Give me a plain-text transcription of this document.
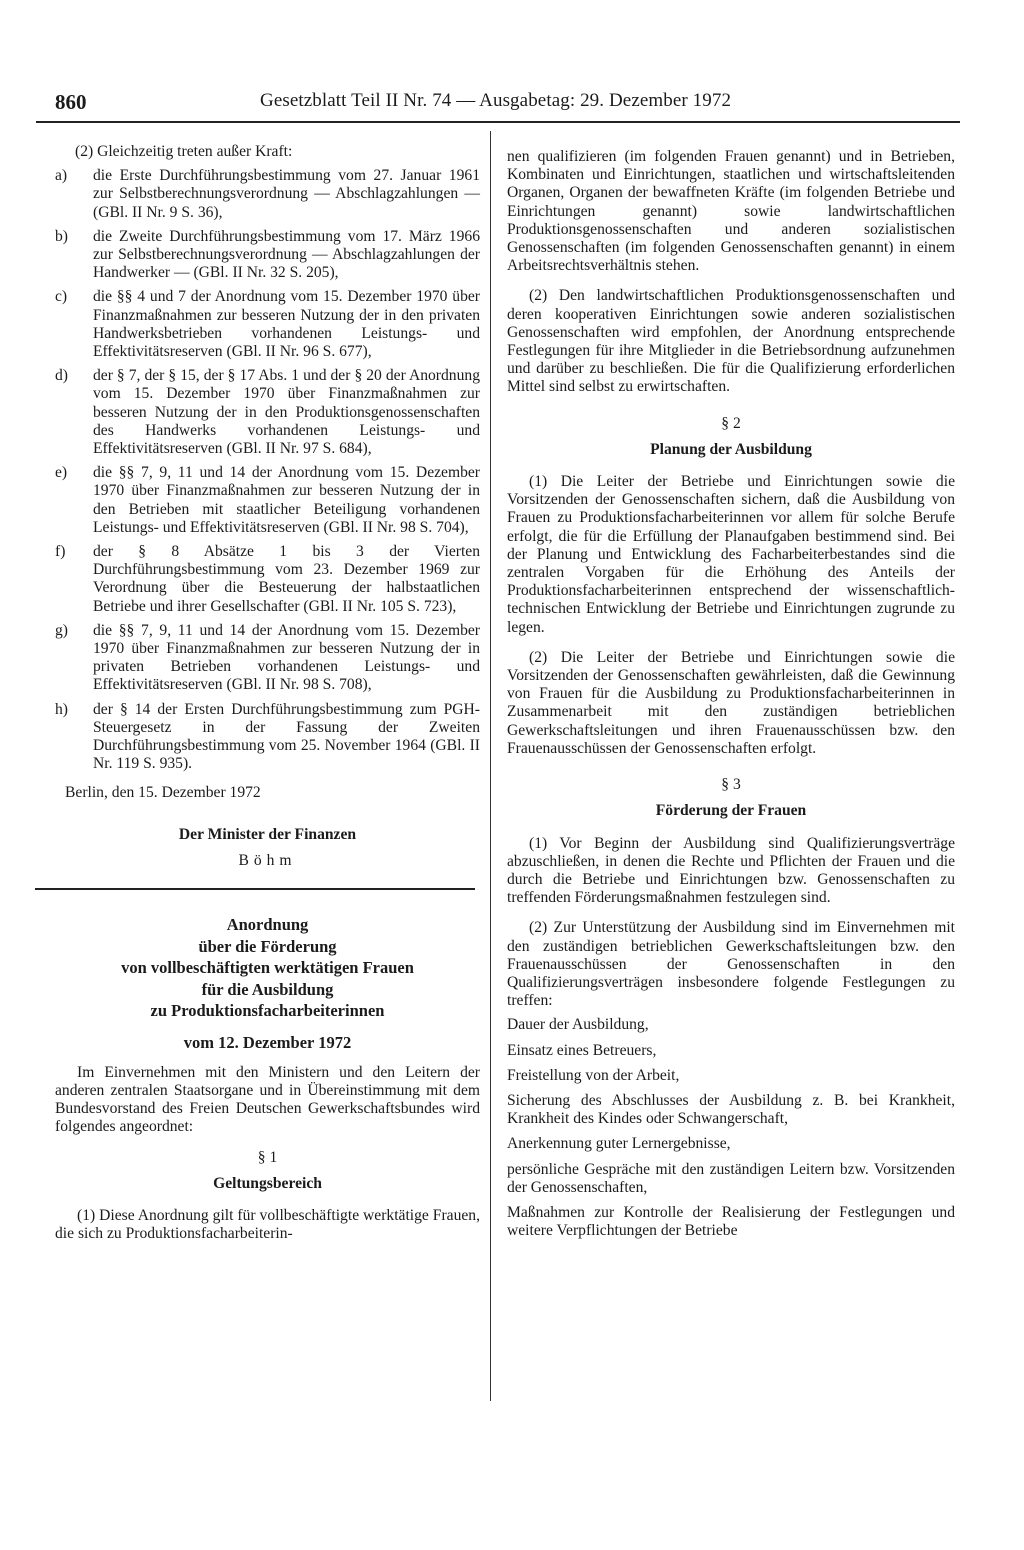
860	Gesetzblatt Teil II Nr. 74 — Ausgabetag: 29. Dezember 1972

(2) Gleichzeitig treten außer Kraft:

a)	die Erste Durchführungsbestimmung vom 27. Januar 1961 zur Selbstberechnungsverordnung — Abschlagzahlungen — (GBl. II Nr. 9 S. 36),
b)	die Zweite Durchführungsbestimmung vom 17. März 1966 zur Selbstberechnungsverordnung — Abschlagzahlungen der Handwerker — (GBl. II Nr. 32 S. 205),
c)	die §§ 4 und 7 der Anordnung vom 15. Dezember 1970 über Finanzmaßnahmen zur besseren Nutzung der in den privaten Handwerksbetrieben vorhandenen Leistungs- und Effektivitätsreserven (GBl. II Nr. 96 S. 677),
d)	der § 7, der § 15, der § 17 Abs. 1 und der § 20 der Anordnung vom 15. Dezember 1970 über Finanzmaßnahmen zur besseren Nutzung der in den Produktionsgenossenschaften des Handwerks vorhandenen Leistungs- und Effektivitätsreserven (GBl. II Nr. 97 S. 684),
e)	die §§ 7, 9, 11 und 14 der Anordnung vom 15. Dezember 1970 über Finanzmaßnahmen zur besseren Nutzung der in den Betrieben mit staatlicher Beteiligung vorhandenen Leistungs- und Effektivitätsreserven (GBl. II Nr. 98 S. 704),
f)	der § 8 Absätze 1 bis 3 der Vierten Durchführungsbestimmung vom 23. Dezember 1969 zur Verordnung über die Besteuerung der halbstaatlichen Betriebe und ihrer Gesellschafter (GBl. II Nr. 105 S. 723),
g)	die §§ 7, 9, 11 und 14 der Anordnung vom 15. Dezember 1970 über Finanzmaßnahmen zur besseren Nutzung der in privaten Betrieben vorhandenen Leistungs- und Effektivitätsreserven (GBl. II Nr. 98 S. 708),
h)	der § 14 der Ersten Durchführungsbestimmung zum PGH-Steuergesetz in der Fassung der Zweiten Durchführungsbestimmung vom 25. November 1964 (GBl. II Nr. 119 S. 935).

Berlin, den 15. Dezember 1972

Der Minister der Finanzen

Böhm

Anordnung
über die Förderung
von vollbeschäftigten werktätigen Frauen
für die Ausbildung
zu Produktionsfacharbeiterinnen

vom 12. Dezember 1972

Im Einvernehmen mit den Ministern und den Leitern der anderen zentralen Staatsorgane und in Übereinstimmung mit dem Bundesvorstand des Freien Deutschen Gewerkschaftsbundes wird folgendes angeordnet:

§ 1

Geltungsbereich

(1) Diese Anordnung gilt für vollbeschäftigte werktätige Frauen, die sich zu Produktionsfacharbeiterin-

nen qualifizieren (im folgenden Frauen genannt) und in Betrieben, Kombinaten und Einrichtungen, staatlichen und wirtschaftsleitenden Organen, Organen der bewaffneten Kräfte (im folgenden Betriebe und Einrichtungen genannt) sowie landwirtschaftlichen Produktionsgenossenschaften und anderen sozialistischen Genossenschaften (im folgenden Genossenschaften genannt) in einem Arbeitsrechtsverhältnis stehen.

(2) Den landwirtschaftlichen Produktionsgenossenschaften und deren kooperativen Einrichtungen sowie anderen sozialistischen Genossenschaften wird empfohlen, der Anordnung entsprechende Festlegungen für ihre Mitglieder in die Betriebsordnung aufzunehmen und darüber zu beschließen. Die für die Qualifizierung erforderlichen Mittel sind selbst zu erwirtschaften.

§ 2

Planung der Ausbildung

(1) Die Leiter der Betriebe und Einrichtungen sowie die Vorsitzenden der Genossenschaften sichern, daß die Ausbildung von Frauen zu Produktionsfacharbeiterinnen vor allem für solche Berufe erfolgt, die für die Erfüllung der Planaufgaben bestimmend sind. Bei der Planung und Entwicklung des Facharbeiterbestandes sind die zentralen Vorgaben für die Erhöhung des Anteils der Produktionsfacharbeiterinnen entsprechend der wissenschaftlich-technischen Entwicklung der Betriebe und Einrichtungen zugrunde zu legen.

(2) Die Leiter der Betriebe und Einrichtungen sowie die Vorsitzenden der Genossenschaften gewährleisten, daß die Gewinnung von Frauen für die Ausbildung zu Produktionsfacharbeiterinnen in Zusammenarbeit mit den zuständigen betrieblichen Gewerkschaftsleitungen und ihren Frauenausschüssen bzw. den Frauenausschüssen der Genossenschaften erfolgt.

§ 3

Förderung der Frauen

(1) Vor Beginn der Ausbildung sind Qualifizierungsverträge abzuschließen, in denen die Rechte und Pflichten der Frauen und die durch die Betriebe und Einrichtungen bzw. Genossenschaften zu treffenden Förderungsmaßnahmen festzulegen sind.

(2) Zur Unterstützung der Ausbildung sind im Einvernehmen mit den zuständigen betrieblichen Gewerkschaftsleitungen bzw. den Frauenausschüssen der Genossenschaften in den Qualifizierungsverträgen insbesondere folgende Festlegungen zu treffen:

Dauer der Ausbildung,

Einsatz eines Betreuers,

Freistellung von der Arbeit,

Sicherung des Abschlusses der Ausbildung z. B. bei Krankheit, Krankheit des Kindes oder Schwangerschaft,

Anerkennung guter Lernergebnisse,

persönliche Gespräche mit den zuständigen Leitern bzw. Vorsitzenden der Genossenschaften,

Maßnahmen zur Kontrolle der Realisierung der Festlegungen und weitere Verpflichtungen der Betriebe
